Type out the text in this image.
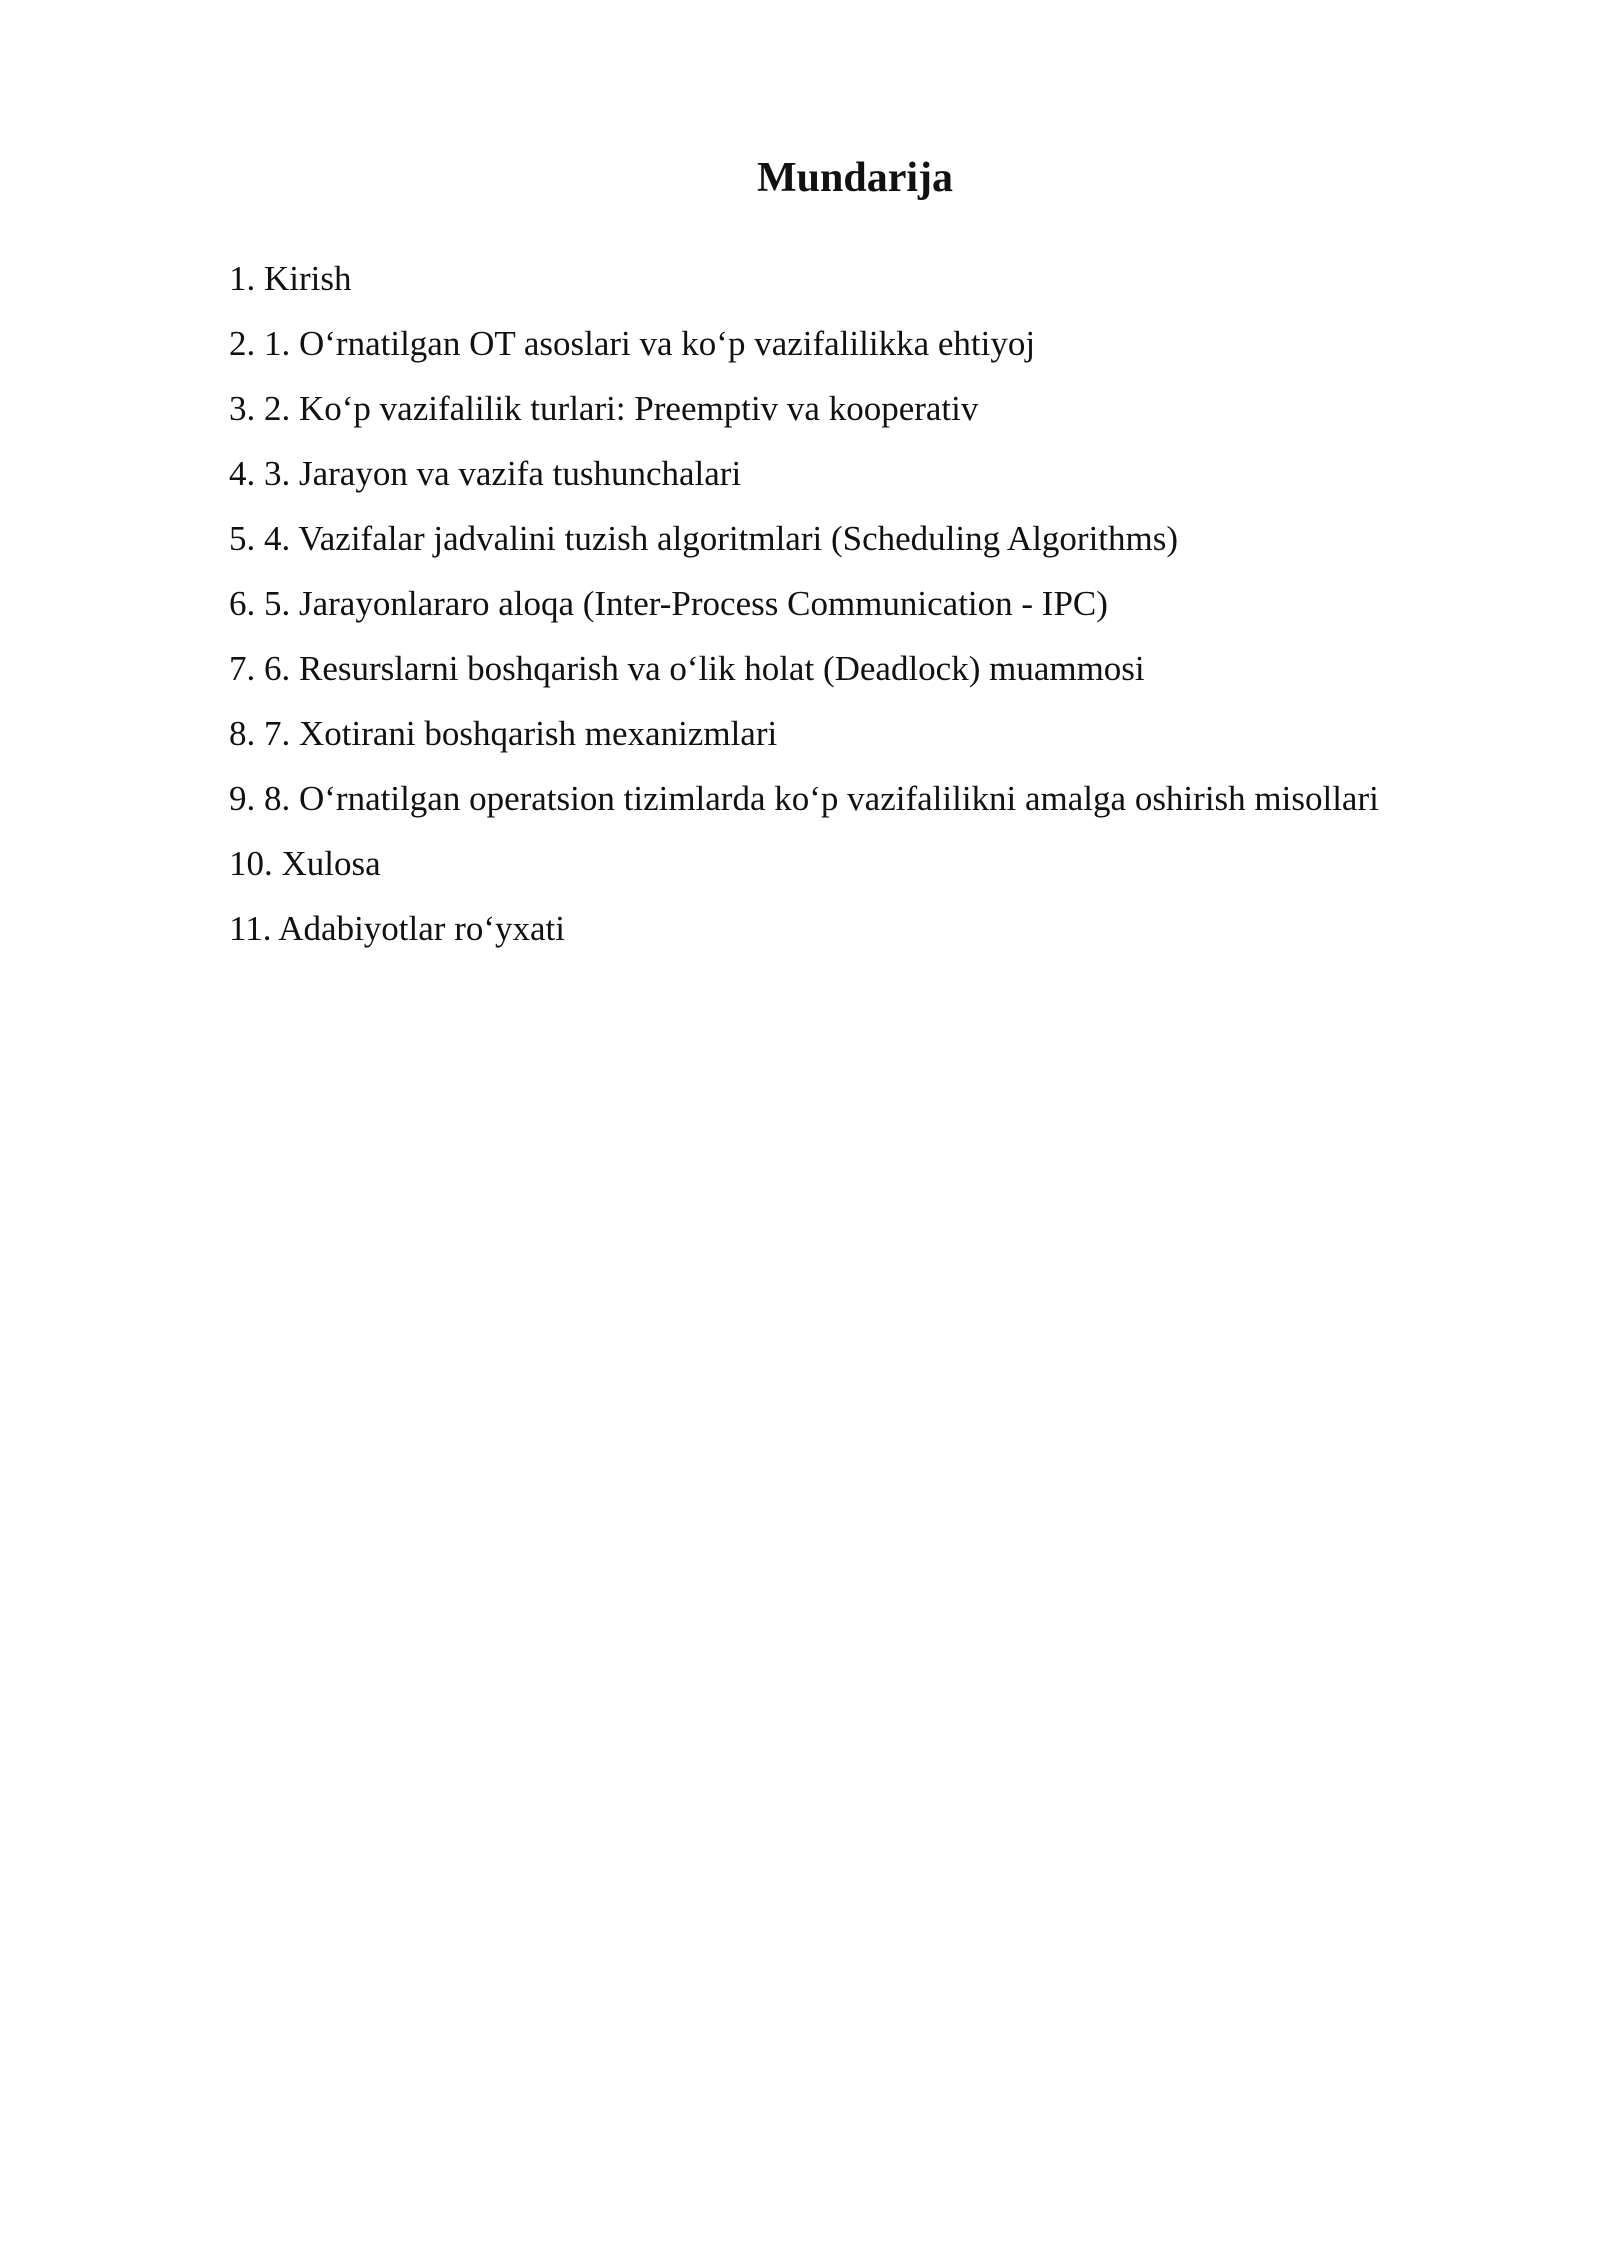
Mundarija
1. Kirish
2. 1. O‘rnatilgan OT asoslari va ko‘p vazifalilikka ehtiyoj
3. 2. Ko‘p vazifalilik turlari: Preemptiv va kooperativ
4. 3. Jarayon va vazifa tushunchalari
5. 4. Vazifalar jadvalini tuzish algoritmlari (Scheduling Algorithms)
6. 5. Jarayonlararo aloqa (Inter-Process Communication - IPC)
7. 6. Resurslarni boshqarish va o‘lik holat (Deadlock) muammosi
8. 7. Xotirani boshqarish mexanizmlari
9. 8. O‘rnatilgan operatsion tizimlarda ko‘p vazifalilikni amalga oshirish misollari
10. Xulosa
11. Adabiyotlar ro‘yxati
